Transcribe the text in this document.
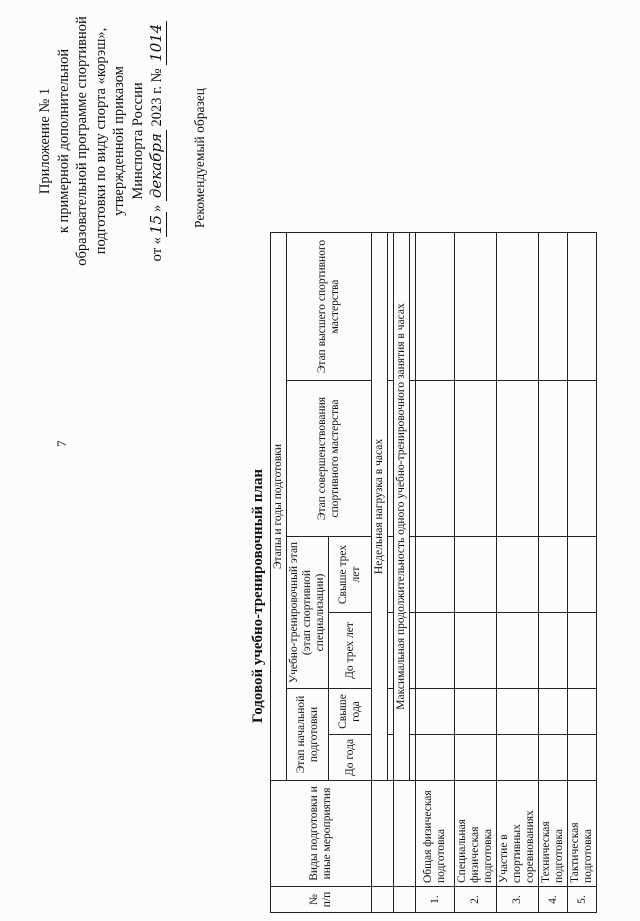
7
Приложение № 1 к примерной дополнительной образовательной программе спортивной подготовки по виду спорта «корэш», утвержденной приказом Минспорта России
от «15» декабря 2023 г. № 1014
Рекомендуемый образец
Годовой учебно-тренировочный план
№ п/п	Виды подготовки и иные мероприятия	Этапы и годы подготовки					
		Этап начальной подготовки		Учебно-тренировочный этап (этап спортивной специализации)		Этап совершенствования спортивного мастерства	Этап высшего спортивного мастерства
		До года	Свыше года	До трех лет	Свыше трех лет		
		Недельная нагрузка в часах					

		Максимальная продолжительность одного учебно-тренировочного занятия в часах					

1.	Общая физическая подготовка						
2.	Специальная физическая подготовка						
3.	Участие в спортивных соревнованиях						
4.	Техническая подготовка						
5.	Тактическая подготовка						
